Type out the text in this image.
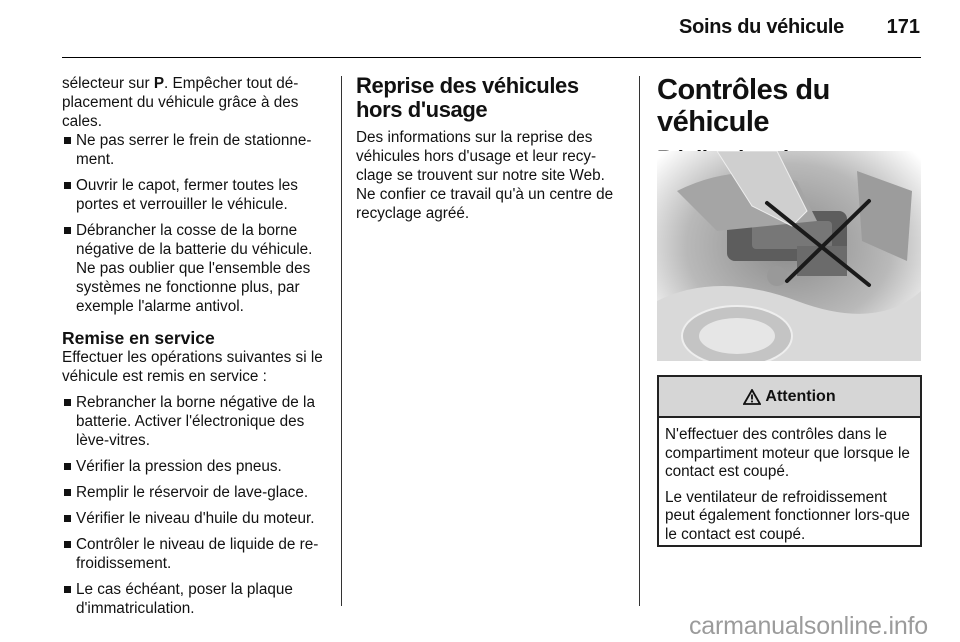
Soins du véhicule	171

sélecteur sur P. Empêcher tout dé-placement du véhicule grâce à des cales.

Ne pas serrer le frein de stationne-ment.
Ouvrir le capot, fermer toutes les portes et verrouiller le véhicule.
Débrancher la cosse de la borne négative de la batterie du véhicule. Ne pas oublier que l'ensemble des systèmes ne fonctionne plus, par exemple l'alarme antivol.
Remise en service

Effectuer les opérations suivantes si le véhicule est remis en service :

Rebrancher la borne négative de la batterie. Activer l'électronique des lève-vitres.
Vérifier la pression des pneus.
Remplir le réservoir de lave-glace.
Vérifier le niveau d'huile du moteur.
Contrôler le niveau de liquide de re-froidissement.
Le cas échéant, poser la plaque d'immatriculation.
Reprise des véhicules hors d'usage

Des informations sur la reprise des véhicules hors d'usage et leur recy-clage se trouvent sur notre site Web. Ne confier ce travail qu'à un centre de recyclage agréé.

Contrôles du véhicule
Attention

N'effectuer des contrôles dans le compartiment moteur que lorsque le contact est coupé.

Le ventilateur de refroidissement peut également fonctionner lors-que le contact est coupé.

carmanualsonline.info
